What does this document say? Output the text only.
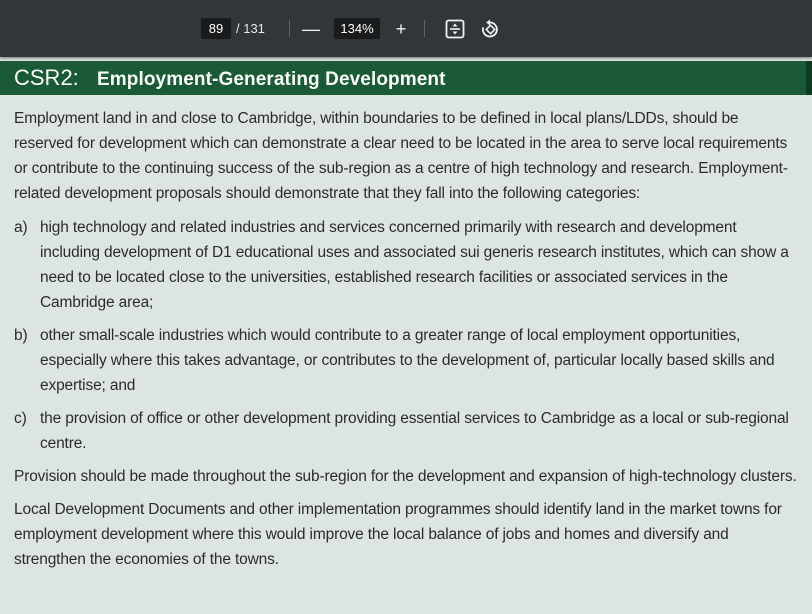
89 / 131 —	134%	+
CSR2: Employment-Generating Development

Employment land in and close to Cambridge, within boundaries to be defined in local plans/LDDs, should be reserved for development which can demonstrate a clear need to be located in the area to serve local requirements or contribute to the continuing success of the sub-region as a centre of high technology and research. Employment-related development proposals should demonstrate that they fall into the following categories:

a) high technology and related industries and services concerned primarily with research and development including development of D1 educational uses and associated sui generis research institutes, which can show a need to be located close to the universities, established research facilities or associated services in the Cambridge area;
b) other small-scale industries which would contribute to a greater range of local employment opportunities, especially where this takes advantage, or contributes to the development of, particular locally based skills and expertise; and
c) the provision of office or other development providing essential services to Cambridge as a local or sub-regional centre.

Provision should be made throughout the sub-region for the development and expansion of high-technology clusters.

Local Development Documents and other implementation programmes should identify land in the market towns for employment development where this would improve the local balance of jobs and homes and diversify and strengthen the economies of the towns.
